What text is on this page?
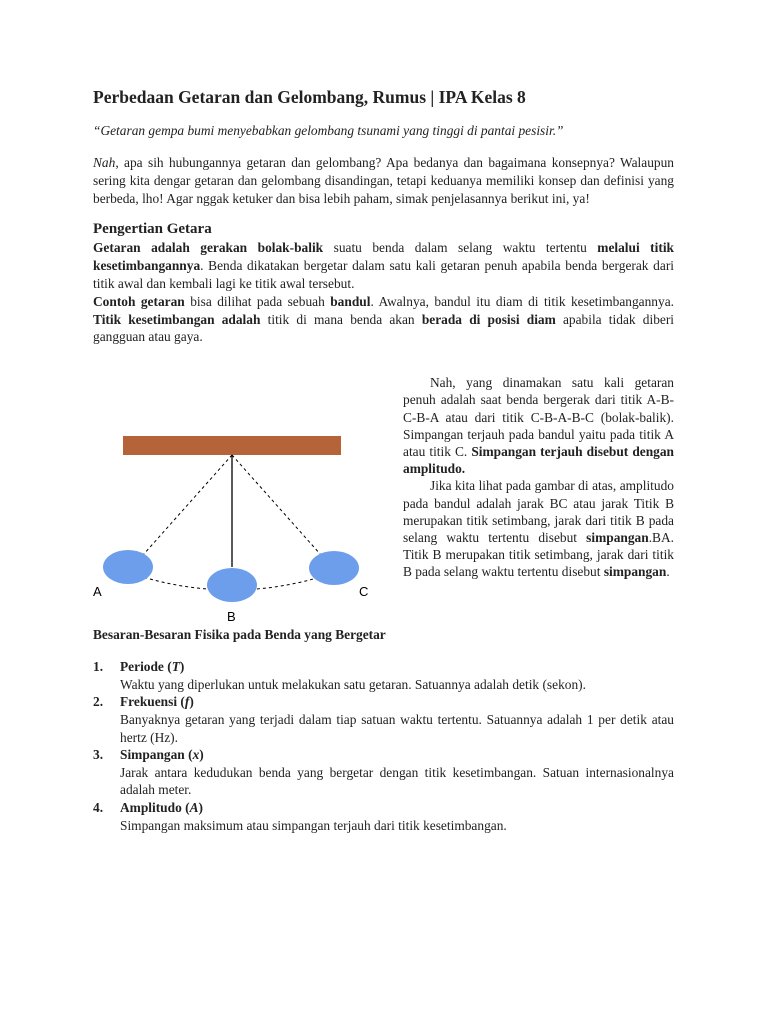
Perbedaan Getaran dan Gelombang, Rumus | IPA Kelas 8

“Getaran gempa bumi menyebabkan gelombang tsunami yang tinggi di pantai pesisir.”

Nah, apa sih hubungannya getaran dan gelombang? Apa bedanya dan bagaimana konsepnya? Walaupun sering kita dengar getaran dan gelombang disandingan, tetapi keduanya memiliki konsep dan definisi yang berbeda, lho! Agar nggak ketuker dan bisa lebih paham, simak penjelasannya berikut ini, ya!

Pengertian Getara

Getaran adalah gerakan bolak-balik suatu benda dalam selang waktu tertentu melalui titik kesetimbangannya. Benda dikatakan bergetar dalam satu kali getaran penuh apabila benda bergerak dari titik awal dan kembali lagi ke titik awal tersebut.

Contoh getaran bisa dilihat pada sebuah bandul. Awalnya, bandul itu diam di titik kesetimbangannya. Titik kesetimbangan adalah titik di mana benda akan berada di posisi diam apabila tidak diberi gangguan atau gaya.

A
B
C

Nah, yang dinamakan satu kali getaran penuh adalah saat benda bergerak dari titik A-B-C-B-A atau dari titik C-B-A-B-C (bolak-balik). Simpangan terjauh pada bandul yaitu pada titik A atau titik C. Simpangan terjauh disebut dengan amplitudo.

Jika kita lihat pada gambar di atas, amplitudo pada bandul adalah jarak BC atau jarak Titik B merupakan titik setimbang, jarak dari titik B pada selang waktu tertentu disebut simpangan.BA. Titik B merupakan titik setimbang, jarak dari titik B pada selang waktu tertentu disebut simpangan.

Besaran-Besaran Fisika pada Benda yang Bergetar
1. Periode (T)
Waktu yang diperlukan untuk melakukan satu getaran. Satuannya adalah detik (sekon).
2. Frekuensi (f)
Banyaknya getaran yang terjadi dalam tiap satuan waktu tertentu. Satuannya adalah 1 per detik atau hertz (Hz).
3. Simpangan (x)
Jarak antara kedudukan benda yang bergetar dengan titik kesetimbangan. Satuan internasionalnya adalah meter.
4. Amplitudo (A)
Simpangan maksimum atau simpangan terjauh dari titik kesetimbangan.
